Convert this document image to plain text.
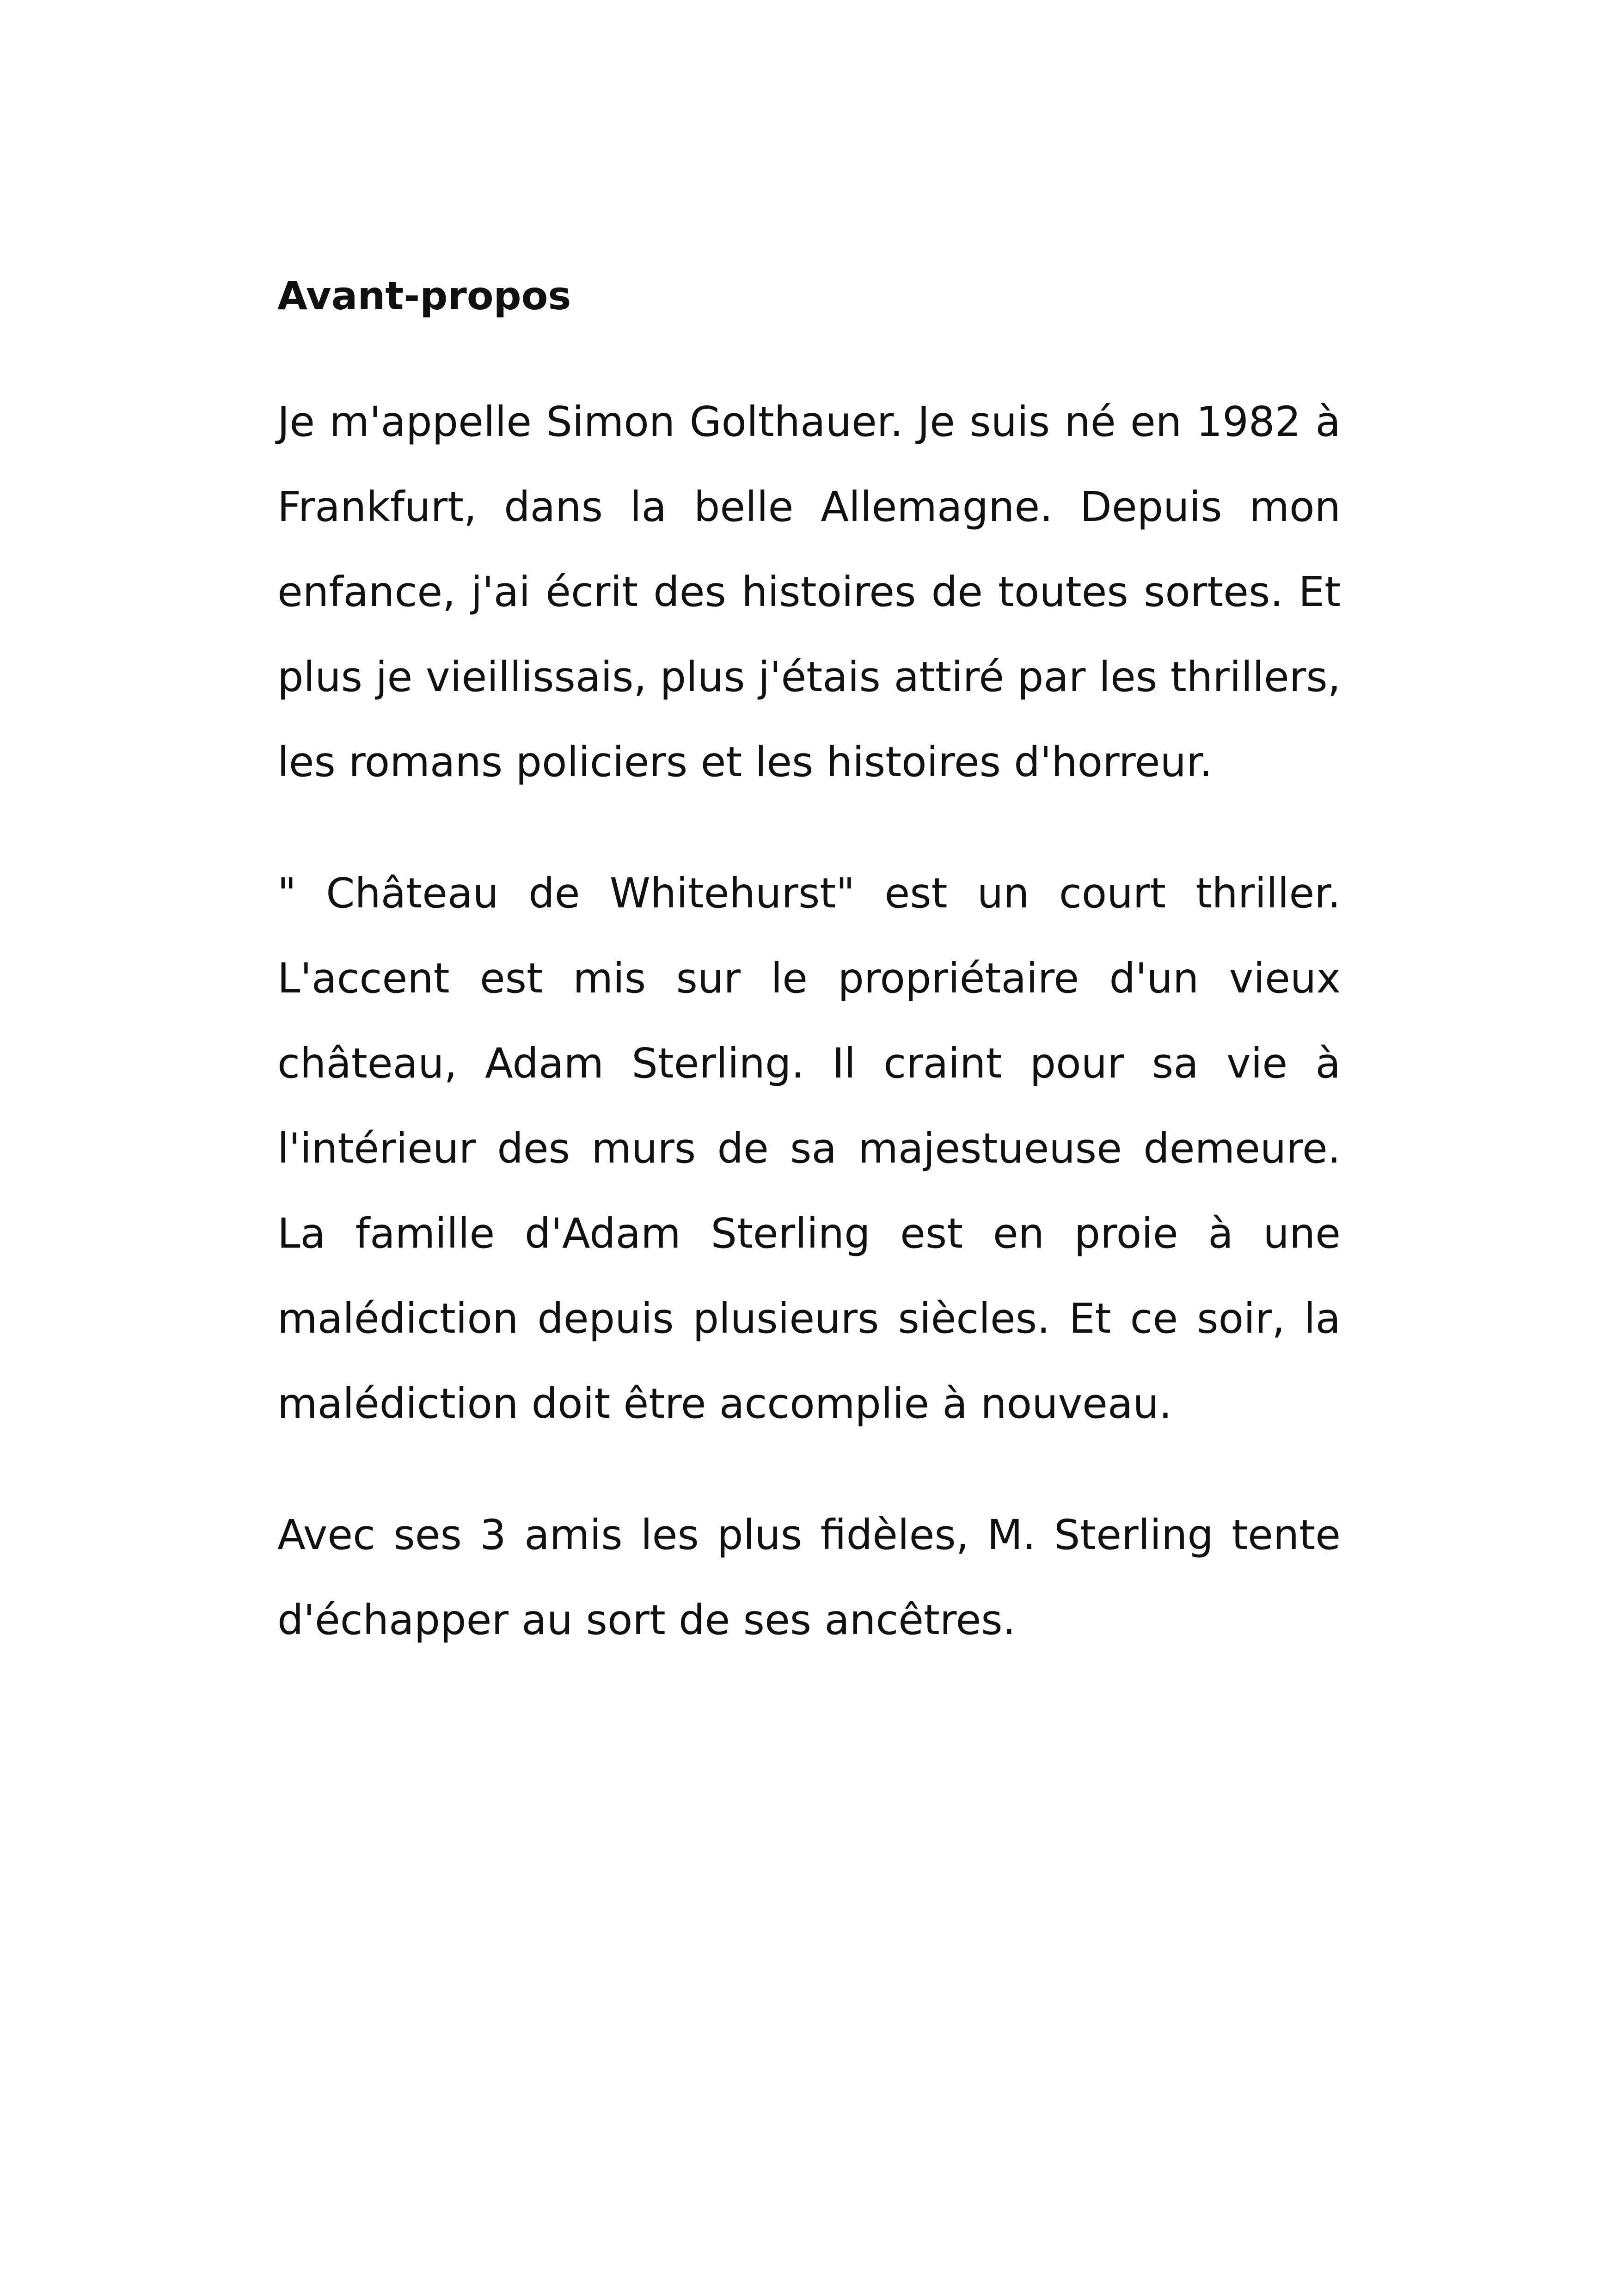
Avant-propos

Je m'appelle Simon Golthauer. Je suis né en 1982 à Frankfurt, dans la belle Allemagne. Depuis mon enfance, j'ai écrit des histoires de toutes sortes. Et plus je vieillissais, plus j'étais attiré par les thrillers, les romans policiers et les histoires d'horreur.

" Château de Whitehurst" est un court thriller. L'accent est mis sur le propriétaire d'un vieux château, Adam Sterling. Il craint pour sa vie à l'intérieur des murs de sa majestueuse demeure. La famille d'Adam Sterling est en proie à une malédiction depuis plusieurs siècles. Et ce soir, la malédiction doit être accomplie à nouveau.

Avec ses 3 amis les plus fidèles, M. Sterling tente d'échapper au sort de ses ancêtres.
